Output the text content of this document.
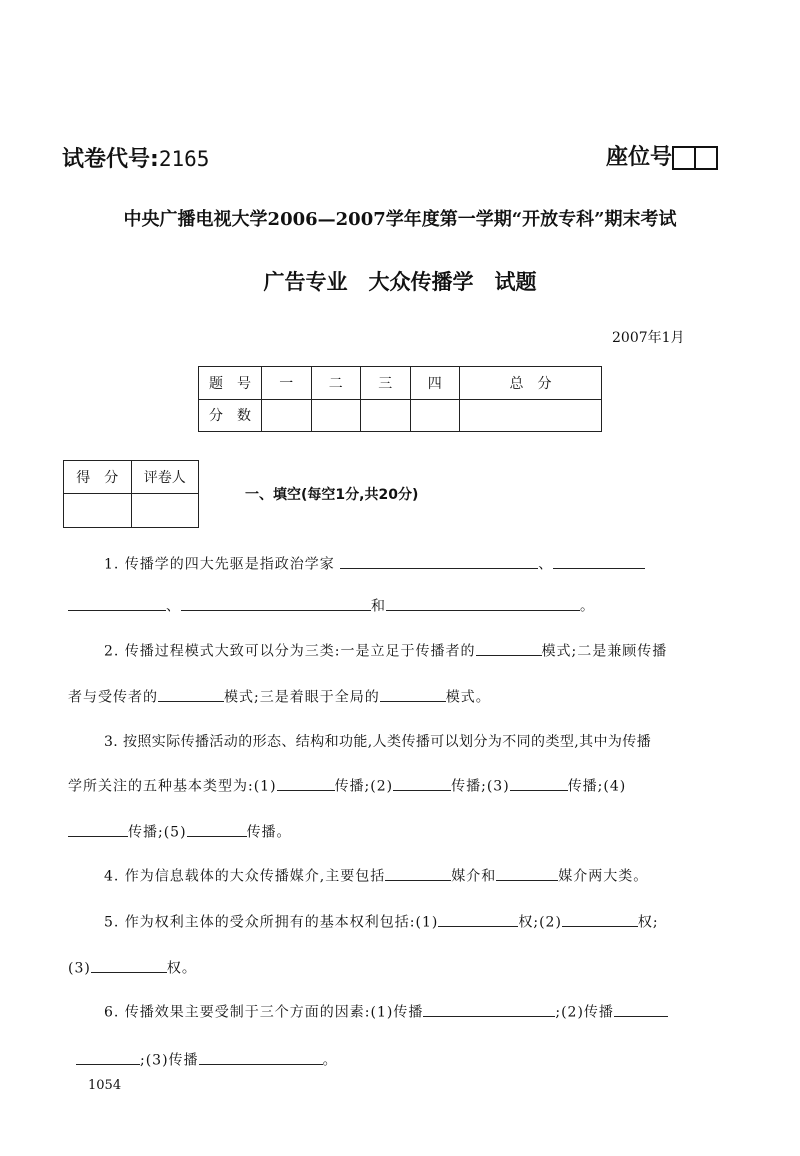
试卷代号:2165	座位号
中央广播电视大学2006—2007学年度第一学期“开放专科”期末考试
广告专业　大众传播学　试题
2007年1月
题　号	一	二	三	四	总　分
分　数					
得　分	评卷人

一、填空(每空1分,共20分)
1. 传播学的四大先驱是指政治学家	、
、	和	。
2. 传播过程模式大致可以分为三类:一是立足于传播者的	模式;二是兼顾传播
者与受传者的	模式;三是着眼于全局的	模式。
3. 按照实际传播活动的形态、结构和功能,人类传播可以划分为不同的类型,其中为传播
学所关注的五种基本类型为:(1)	传播;(2)	传播;(3)	传播;(4)
传播;(5)	传播。
4. 作为信息载体的大众传播媒介,主要包括	媒介和	媒介两大类。
5. 作为权利主体的受众所拥有的基本权利包括:(1)	权;(2)	权;
(3)	权。
6. 传播效果主要受制于三个方面的因素:(1)传播	;(2)传播
;(3)传播	。
1054
